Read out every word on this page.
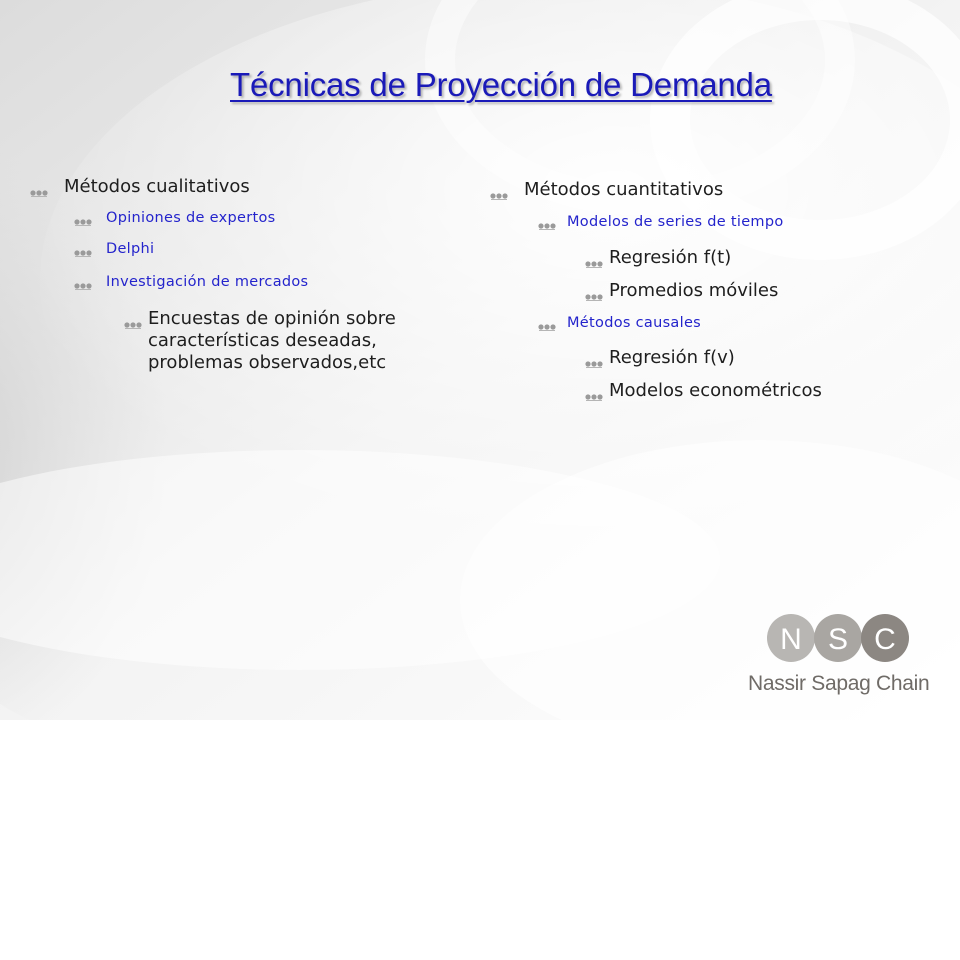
Técnicas de Proyección de Demanda
Métodos cualitativos
Opiniones de expertos
Delphi
Investigación de mercados
Encuestas de opinión sobre características deseadas, problemas observados,etc
Métodos cuantitativos
Modelos de series de tiempo
Regresión f(t)
Promedios móviles
Métodos causales
Regresión f(v)
Modelos econométricos
N S C
Nassir Sapag Chain
